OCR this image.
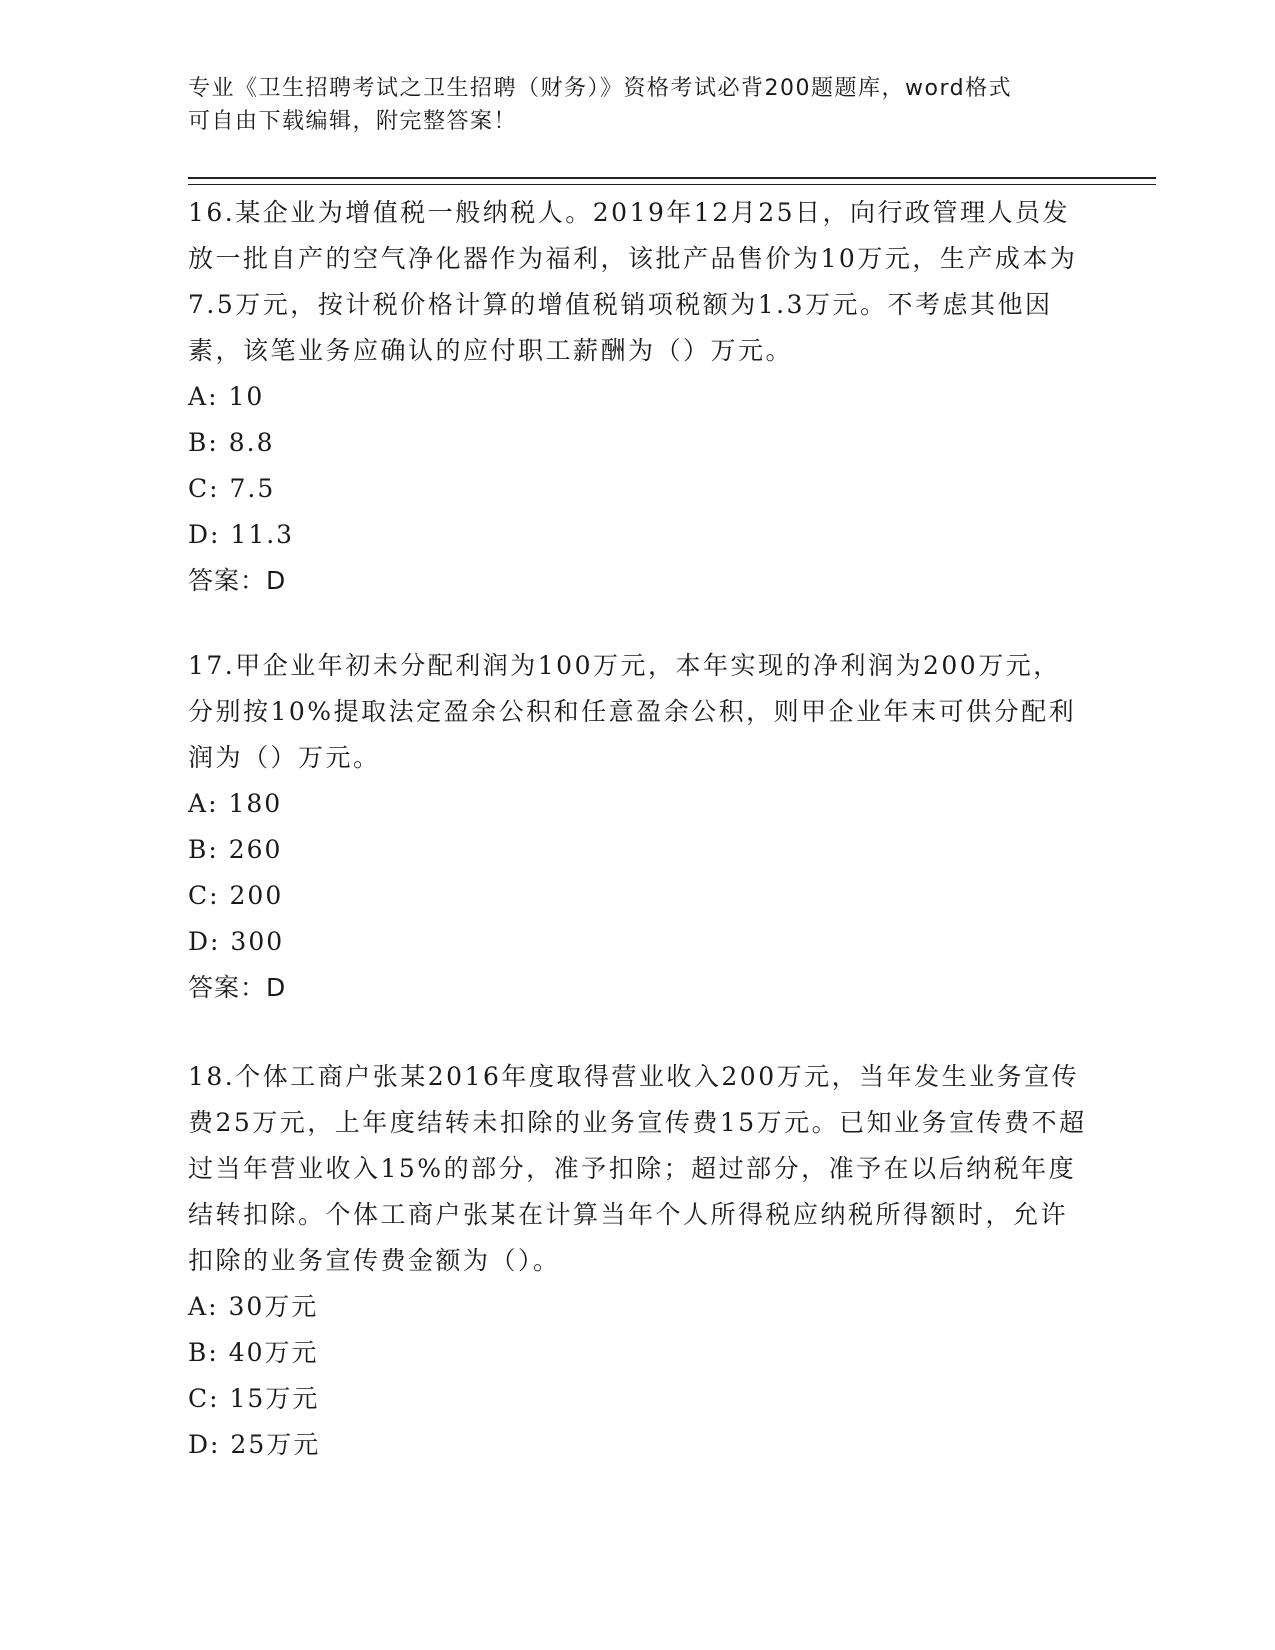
专业《卫生招聘考试之卫生招聘（财务）》资格考试必背200题题库，word格式
可自由下载编辑，附完整答案！

16.某企业为增值税一般纳税人。2019年12月25日，向行政管理人员发放一批自产的空气净化器作为福利，该批产品售价为10万元，生产成本为7.5万元，按计税价格计算的增值税销项税额为1.3万元。不考虑其他因素，该笔业务应确认的应付职工薪酬为（）万元。

A: 10

B: 8.8

C: 7.5

D: 11.3

答案：D

17.甲企业年初未分配利润为100万元，本年实现的净利润为200万元，分别按10%提取法定盈余公积和任意盈余公积，则甲企业年末可供分配利润为（）万元。

A: 180

B: 260

C: 200

D: 300

答案：D

18.个体工商户张某2016年度取得营业收入200万元，当年发生业务宣传费25万元，上年度结转未扣除的业务宣传费15万元。已知业务宣传费不超过当年营业收入15%的部分，准予扣除；超过部分，准予在以后纳税年度结转扣除。个体工商户张某在计算当年个人所得税应纳税所得额时，允许扣除的业务宣传费金额为（）。

A: 30万元

B: 40万元

C: 15万元

D: 25万元
